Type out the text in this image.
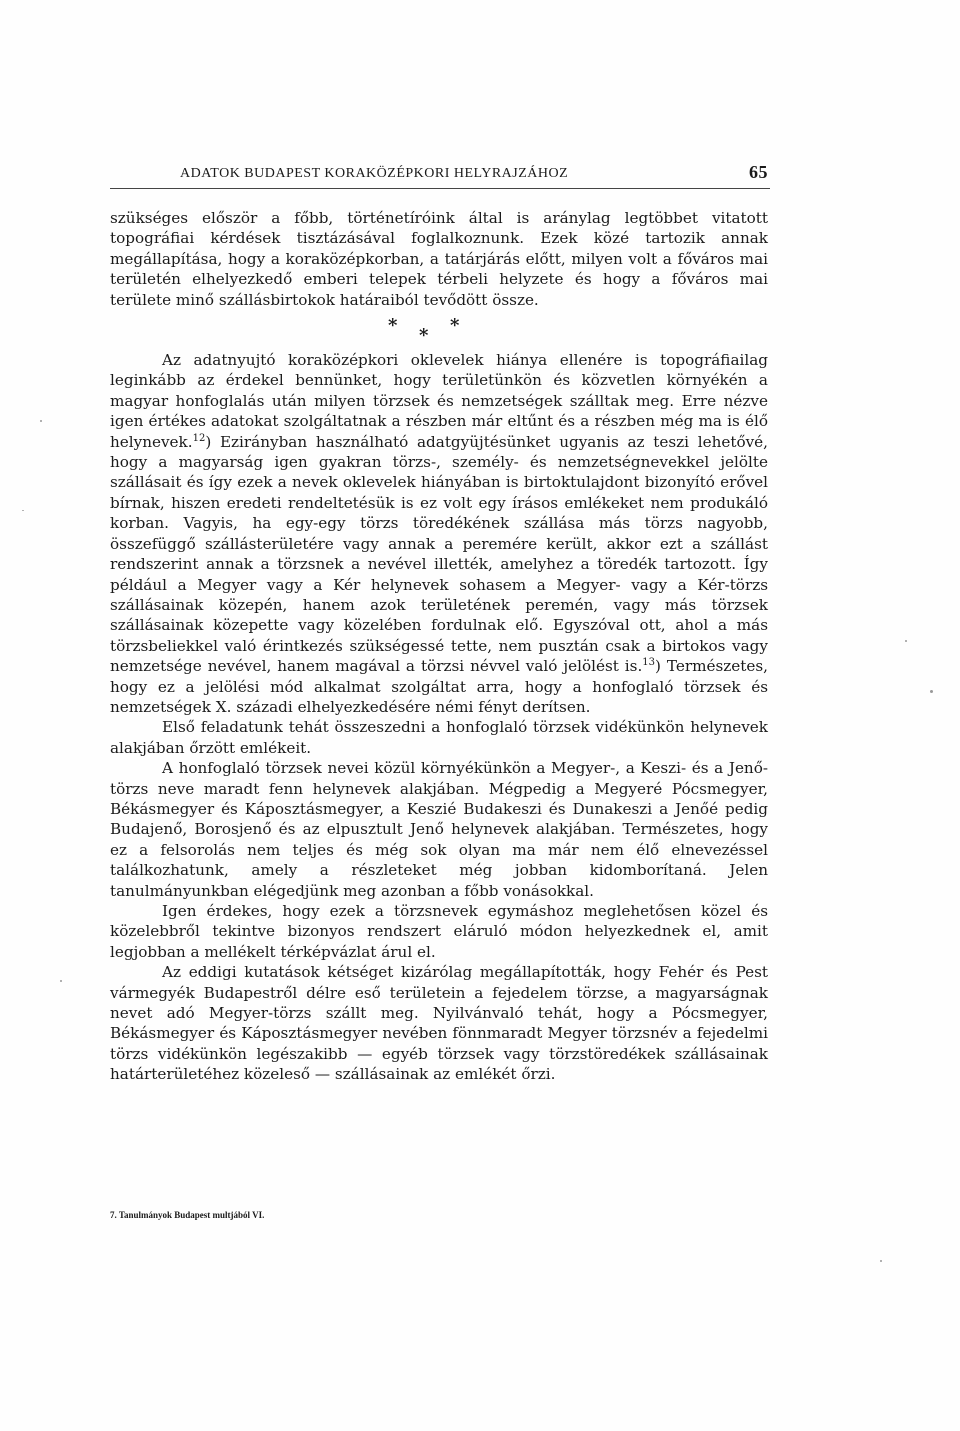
ADATOK BUDAPEST KORAKÖZÉPKORI HELYRAJZÁHOZ	65

szükséges először a főbb, történetíróink által is aránylag legtöbbet vitatott topográfiai kérdések tisztázásával foglalkoznunk. Ezek közé tartozik annak megállapítása, hogy a koraközépkorban, a tatárjárás előtt, milyen volt a főváros mai területén elhelyezkedő emberi telepek térbeli helyzete és hogy a főváros mai területe minő szállásbirtokok határaiból tevődött össze.

*	*
*

Az adatnyujtó koraközépkori oklevelek hiánya ellenére is topográfiailag leginkább az érdekel bennünket, hogy területünkön és közvetlen környékén a magyar honfoglalás után milyen törzsek és nemzetségek szálltak meg. Erre nézve igen értékes adatokat szolgáltatnak a részben már eltűnt és a részben még ma is élő helynevek.$^{12}$) Ezirányban használható adatgyüjtésünket ugyanis az teszi lehetővé, hogy a magyarság igen gyakran törzs-, személy- és nemzetségnevekkel jelölte szállásait és így ezek a nevek oklevelek hiányában is birtoktulajdont bizonyító erővel bírnak, hiszen eredeti rendeltetésük is ez volt egy írásos emlékeket nem produkáló korban. Vagyis, ha egy-egy törzs töredékének szállása más törzs nagyobb, összefüggő szállásterületére vagy annak a peremére került, akkor ezt a szállást rendszerint annak a törzsnek a nevével illették, amelyhez a töredék tartozott. Így például a Megyer vagy a Kér helynevek sohasem a Megyer- vagy a Kér-törzs szállásainak közepén, hanem azok területének peremén, vagy más törzsek szállásainak közepette vagy közelében fordulnak elő. Egyszóval ott, ahol a más törzsbeliekkel való érintkezés szükségessé tette, nem pusztán csak a birtokos vagy nemzetsége nevével, hanem magával a törzsi névvel való jelölést is.$^{13}$) Természetes, hogy ez a jelölési mód alkalmat szolgáltat arra, hogy a honfoglaló törzsek és nemzetségek X. századi elhelyezkedésére némi fényt derítsen.

Első feladatunk tehát összeszedni a honfoglaló törzsek vidékünkön helynevek alakjában őrzött emlékeit.

A honfoglaló törzsek nevei közül környékünkön a Megyer-, a Keszi- és a Jenő-törzs neve maradt fenn helynevek alakjában. Mégpedig a Megyeré Pócsmegyer, Békásmegyer és Káposztásmegyer, a Keszié Budakeszi és Dunakeszi a Jenőé pedig Budajenő, Borosjenő és az elpusztult Jenő helynevek alakjában. Természetes, hogy ez a felsorolás nem teljes és még sok olyan ma már nem élő elnevezéssel találkozhatunk, amely a részleteket még jobban kidomborítaná. Jelen tanulmányunkban elégedjünk meg azonban a főbb vonásokkal.

Igen érdekes, hogy ezek a törzsnevek egymáshoz meglehetősen közel és közelebbről tekintve bizonyos rendszert eláruló módon helyezkednek el, amit legjobban a mellékelt térképvázlat árul el.

Az eddigi kutatások kétséget kizárólag megállapították, hogy Fehér és Pest vármegyék Budapestről délre eső területein a fejedelem törzse, a magyarságnak nevet adó Megyer-törzs szállt meg. Nyilvánvaló tehát, hogy a Pócsmegyer, Békásmegyer és Káposztásmegyer nevében fönnmaradt Megyer törzsnév a fejedelmi törzs vidékünkön legészakibb — egyéb törzsek vagy törzstöredékek szállásainak határterületéhez közeleső — szállásainak az emlékét őrzi.

7. Tanulmányok Budapest multjából VI.
